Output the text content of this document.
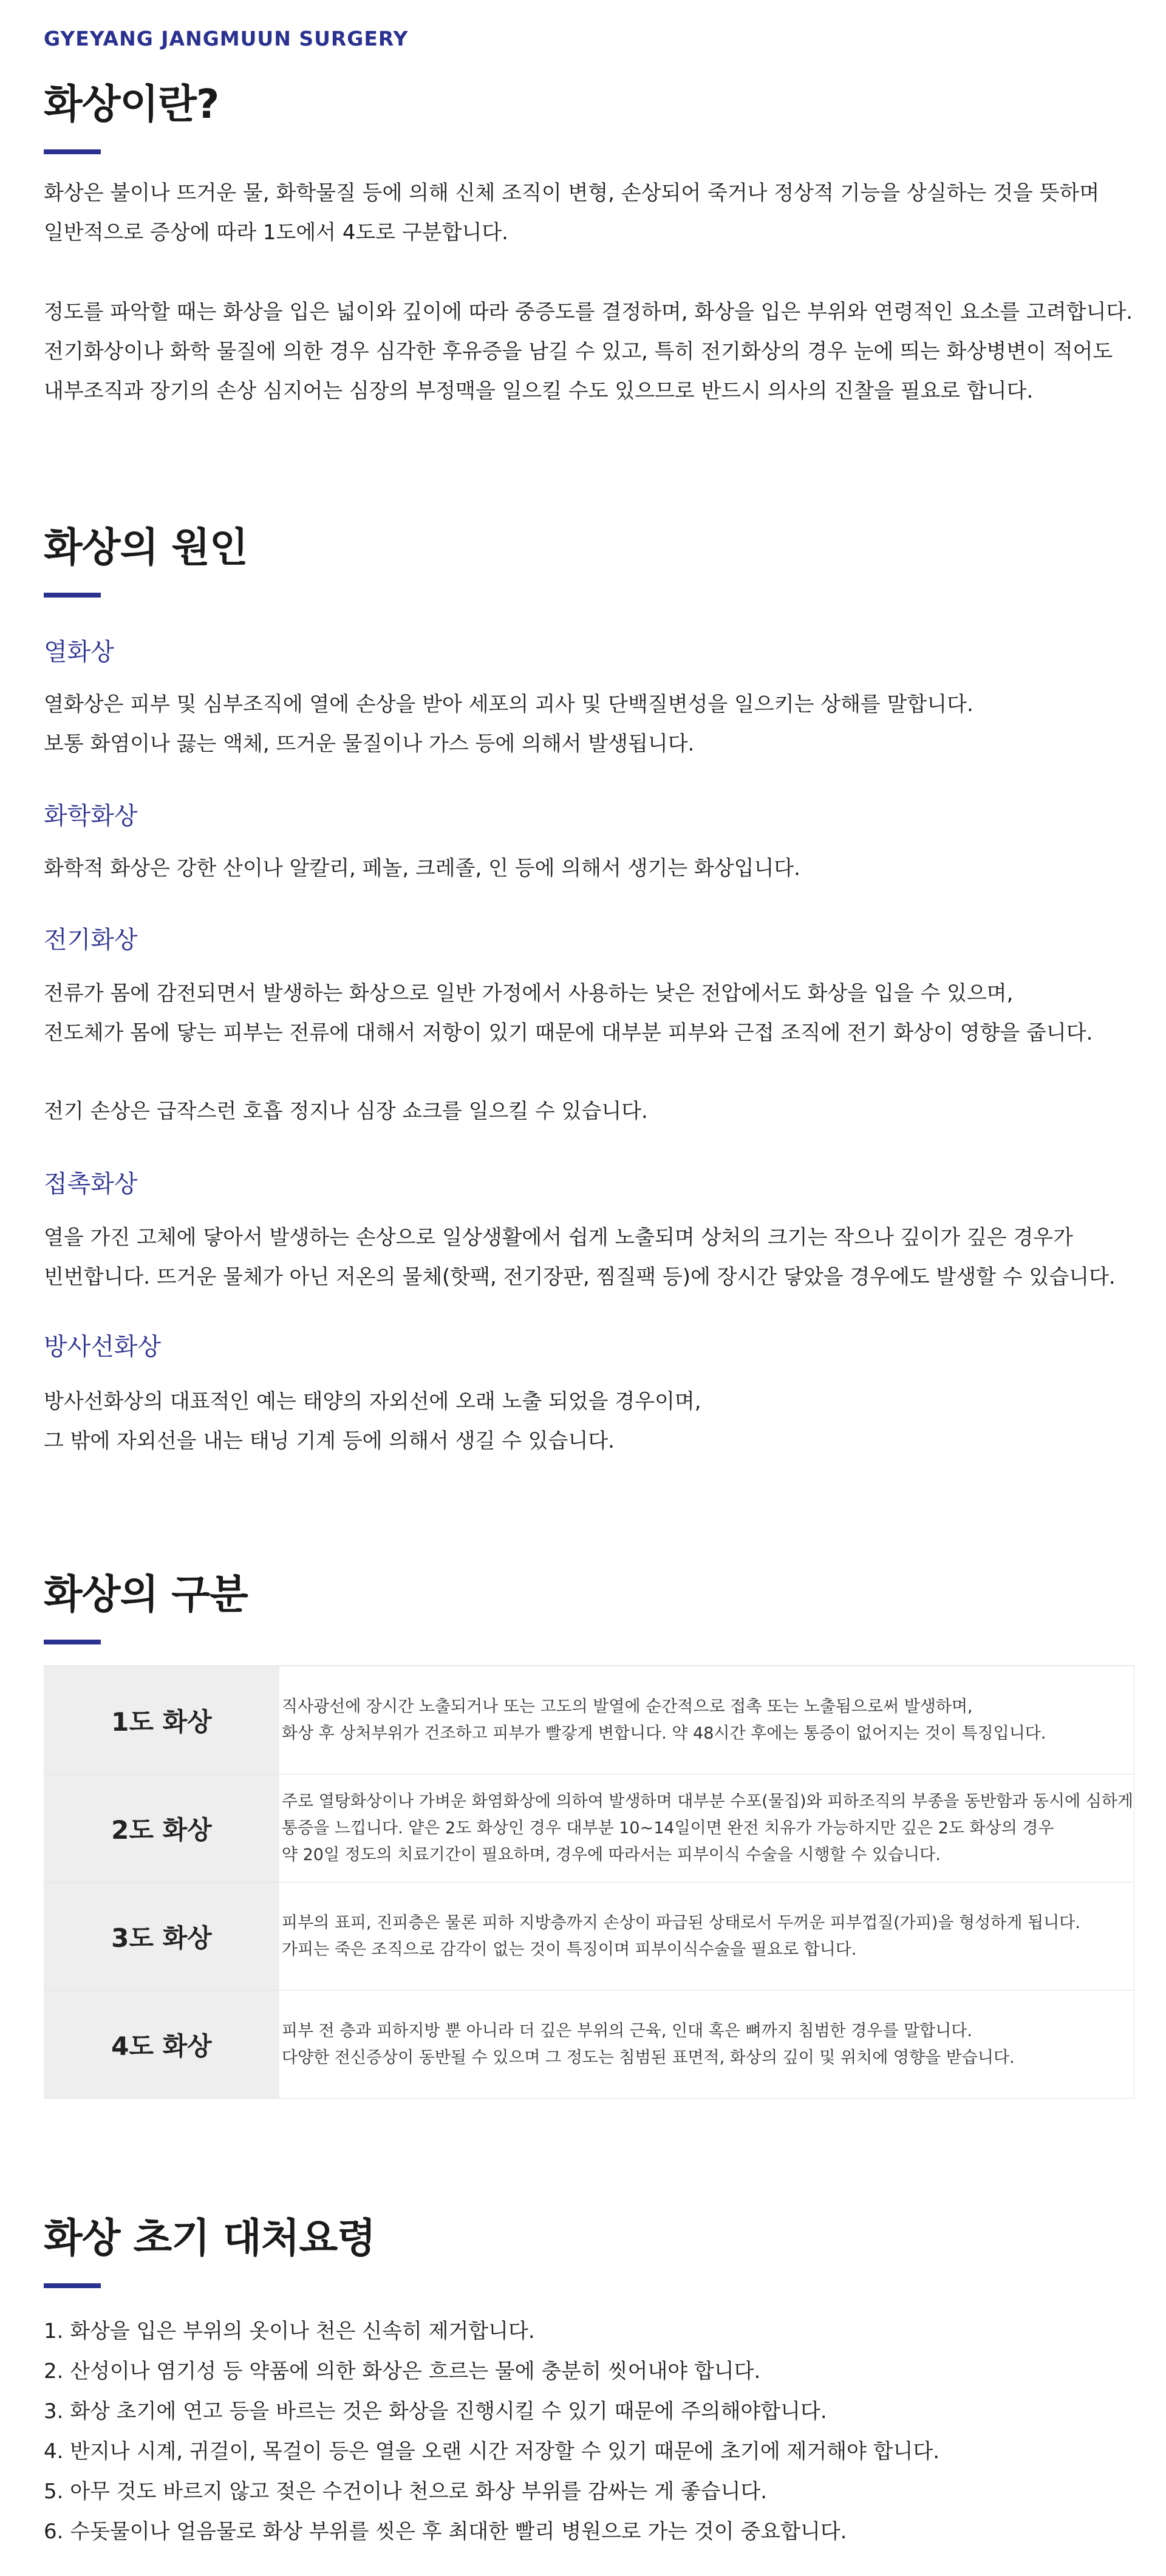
GYEYANG JANGMUUN SURGERY
화상이란?
화상은 불이나 뜨거운 물, 화학물질 등에 의해 신체 조직이 변형, 손상되어 죽거나 정상적 기능을 상실하는 것을 뜻하며
일반적으로 증상에 따라 1도에서 4도로 구분합니다.
정도를 파악할 때는 화상을 입은 넓이와 깊이에 따라 중증도를 결정하며, 화상을 입은 부위와 연령적인 요소를 고려합니다.
전기화상이나 화학 물질에 의한 경우 심각한 후유증을 남길 수 있고, 특히 전기화상의 경우 눈에 띄는 화상병변이 적어도
내부조직과 장기의 손상 심지어는 심장의 부정맥을 일으킬 수도 있으므로 반드시 의사의 진찰을 필요로 합니다.
화상의 원인
열화상
열화상은 피부 및 심부조직에 열에 손상을 받아 세포의 괴사 및 단백질변성을 일으키는 상해를 말합니다.
보통 화염이나 끓는 액체, 뜨거운 물질이나 가스 등에 의해서 발생됩니다.
화학화상
화학적 화상은 강한 산이나 알칼리, 페놀, 크레졸, 인 등에 의해서 생기는 화상입니다.
전기화상
전류가 몸에 감전되면서 발생하는 화상으로 일반 가정에서 사용하는 낮은 전압에서도 화상을 입을 수 있으며,
전도체가 몸에 닿는 피부는 전류에 대해서 저항이 있기 때문에 대부분 피부와 근접 조직에 전기 화상이 영향을 줍니다.
전기 손상은 급작스런 호흡 정지나 심장 쇼크를 일으킬 수 있습니다.
접촉화상
열을 가진 고체에 닿아서 발생하는 손상으로 일상생활에서 쉽게 노출되며 상처의 크기는 작으나 깊이가 깊은 경우가
빈번합니다. 뜨거운 물체가 아닌 저온의 물체(핫팩, 전기장판, 찜질팩 등)에 장시간 닿았을 경우에도 발생할 수 있습니다.
방사선화상
방사선화상의 대표적인 예는 태양의 자외선에 오래 노출 되었을 경우이며,
그 밖에 자외선을 내는 태닝 기계 등에 의해서 생길 수 있습니다.
화상의 구분
1도 화상	직사광선에 장시간 노출되거나 또는 고도의 발열에 순간적으로 접촉 또는 노출됨으로써 발생하며,
화상 후 상처부위가 건조하고 피부가 빨갛게 변합니다. 약 48시간 후에는 통증이 없어지는 것이 특징입니다.

2도 화상	주로 열탕화상이나 가벼운 화염화상에 의하여 발생하며 대부분 수포(물집)와 피하조직의 부종을 동반함과 동시에 심하게
통증을 느낍니다. 얕은 2도 화상인 경우 대부분 10~14일이면 완전 치유가 가능하지만 깊은 2도 화상의 경우
약 20일 정도의 치료기간이 필요하며, 경우에 따라서는 피부이식 수술을 시행할 수 있습니다.

3도 화상	피부의 표피, 진피층은 물론 피하 지방층까지 손상이 파급된 상태로서 두꺼운 피부껍질(가피)을 형성하게 됩니다.
가피는 죽은 조직으로 감각이 없는 것이 특징이며 피부이식수술을 필요로 합니다.

4도 화상	피부 전 층과 피하지방 뿐 아니라 더 깊은 부위의 근육, 인대 혹은 뼈까지 침범한 경우를 말합니다.
다양한 전신증상이 동반될 수 있으며 그 정도는 침범된 표면적, 화상의 깊이 및 위치에 영향을 받습니다.
화상 초기 대처요령
1. 화상을 입은 부위의 옷이나 천은 신속히 제거합니다.
2. 산성이나 염기성 등 약품에 의한 화상은 흐르는 물에 충분히 씻어내야 합니다.
3. 화상 초기에 연고 등을 바르는 것은 화상을 진행시킬 수 있기 때문에 주의해야합니다.
4. 반지나 시계, 귀걸이, 목걸이 등은 열을 오랜 시간 저장할 수 있기 때문에 초기에 제거해야 합니다.
5. 아무 것도 바르지 않고 젖은 수건이나 천으로 화상 부위를 감싸는 게 좋습니다.
6. 수돗물이나 얼음물로 화상 부위를 씻은 후 최대한 빨리 병원으로 가는 것이 중요합니다.
